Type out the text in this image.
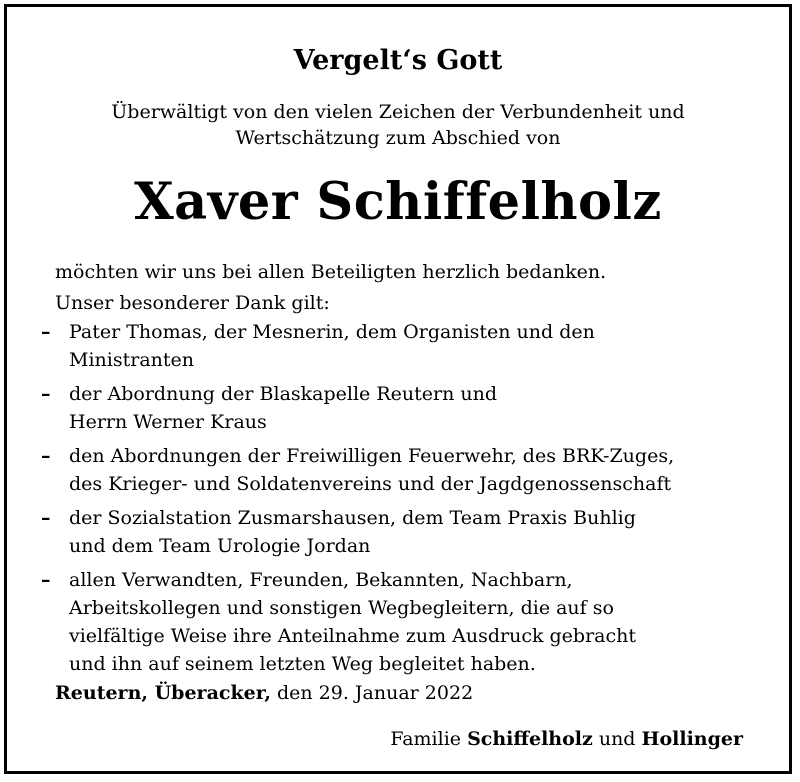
Vergelt‘s Gott
Überwältigt von den vielen Zeichen der Verbundenheit und
Wertschätzung zum Abschied von
Xaver Schiffelholz
möchten wir uns bei allen Beteiligten herzlich bedanken.
Unser besonderer Dank gilt:
– Pater Thomas, der Mesnerin, dem Organisten und den
Ministranten
– der Abordnung der Blaskapelle Reutern und
Herrn Werner Kraus
– den Abordnungen der Freiwilligen Feuerwehr, des BRK-Zuges,
des Krieger- und Soldatenvereins und der Jagdgenossenschaft
– der Sozialstation Zusmarshausen, dem Team Praxis Buhlig
und dem Team Urologie Jordan
– allen Verwandten, Freunden, Bekannten, Nachbarn,
Arbeitskollegen und sonstigen Wegbegleitern, die auf so
vielfältige Weise ihre Anteilnahme zum Ausdruck gebracht
und ihn auf seinem letzten Weg begleitet haben.
Reutern, Überacker, den 29. Januar 2022
Familie Schiffelholz und Hollinger
